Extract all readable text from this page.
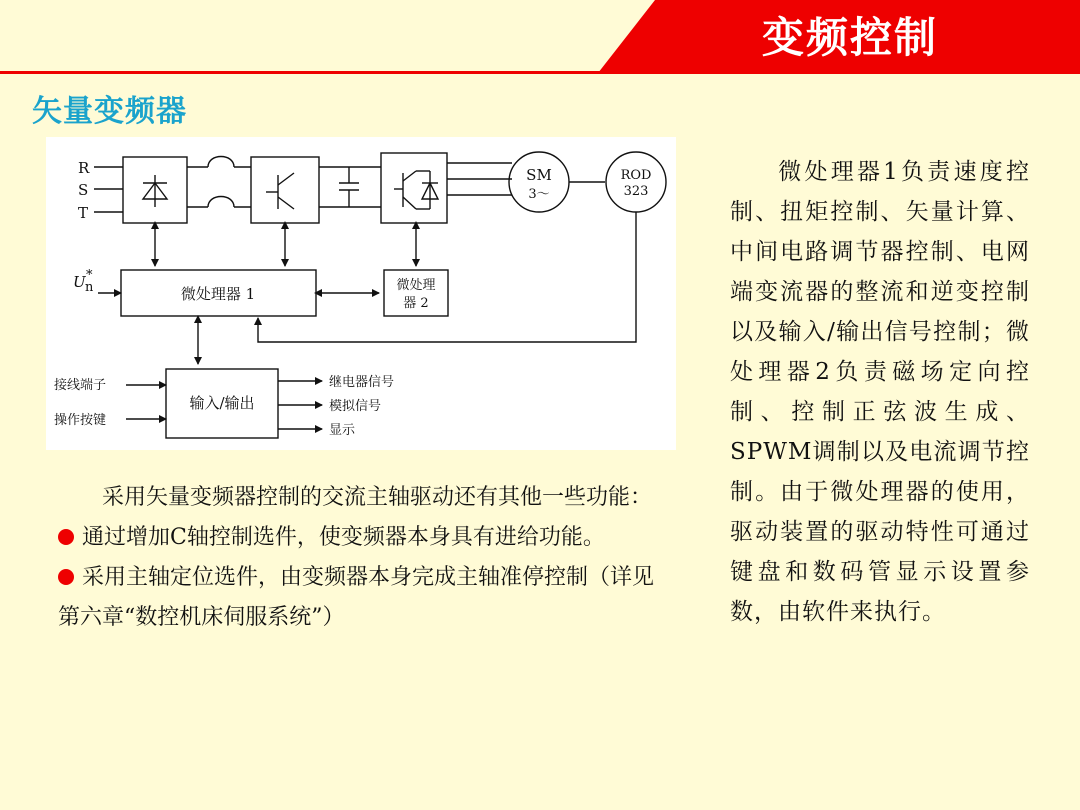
变频控制
矢量变频器
R
S
T
SM
3～
ROD
323
U n
*
微处理器 1	微处理
器 2
输入/输出
接线端子
操作按键
继电器信号
模拟信号
显示

采用矢量变频器控制的交流主轴驱动还有其他一些功能：

通过增加C轴控制选件，使变频器本身具有进给功能。

采用主轴定位选件，由变频器本身完成主轴准停控制（详见第六章“数控机床伺服系统”）

微处理器1负责速度控制、扭矩控制、矢量计算、中间电路调节器控制、电网端变流器的整流和逆变控制以及输入/输出信号控制；微处理器2负责磁场定向控制、控制正弦波生成、SPWM调制以及电流调节控制。由于微处理器的使用，驱动装置的驱动特性可通过键盘和数码管显示设置参数，由软件来执行。
